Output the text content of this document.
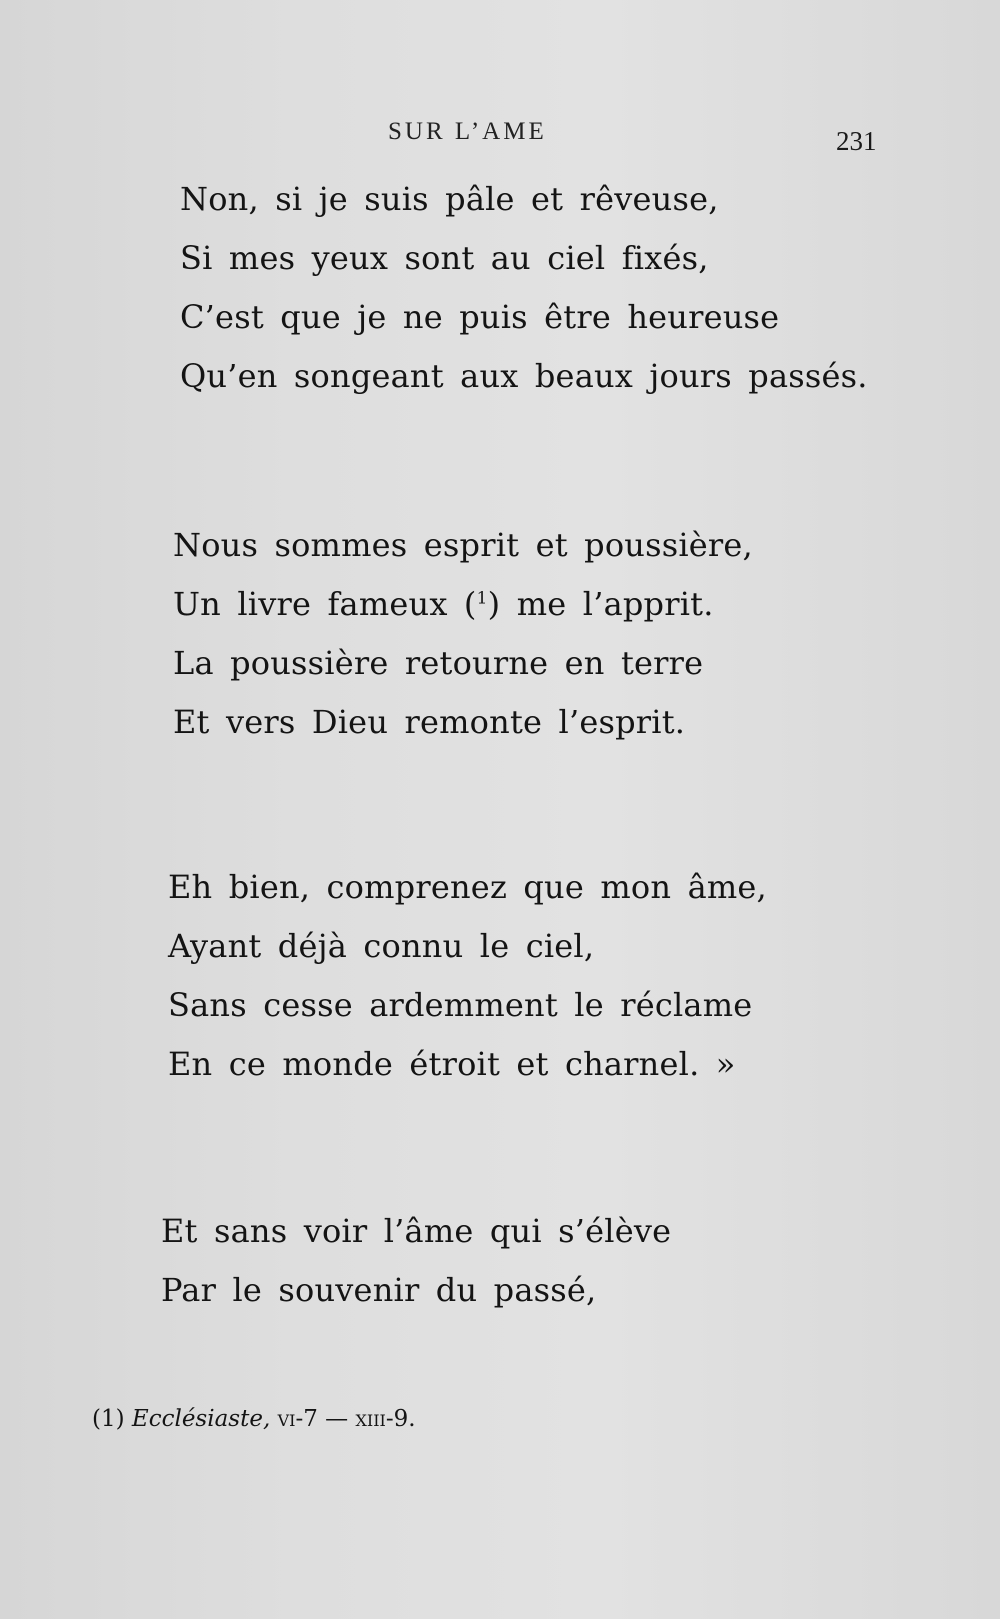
SUR L’AME	231
Non, si je suis pâle et rêveuse,
Si mes yeux sont au ciel fixés,
C’est que je ne puis être heureuse
Qu’en songeant aux beaux jours passés.
Nous sommes esprit et poussière,
Un livre fameux ($^1$) me l’apprit.
La poussière retourne en terre
Et vers Dieu remonte l’esprit.
Eh bien, comprenez que mon âme,
Ayant déjà connu le ciel,
Sans cesse ardemment le réclame
En ce monde étroit et charnel. »
Et sans voir l’âme qui s’élève
Par le souvenir du passé,
(1) Ecclésiaste, vi-7 — xiii-9.
